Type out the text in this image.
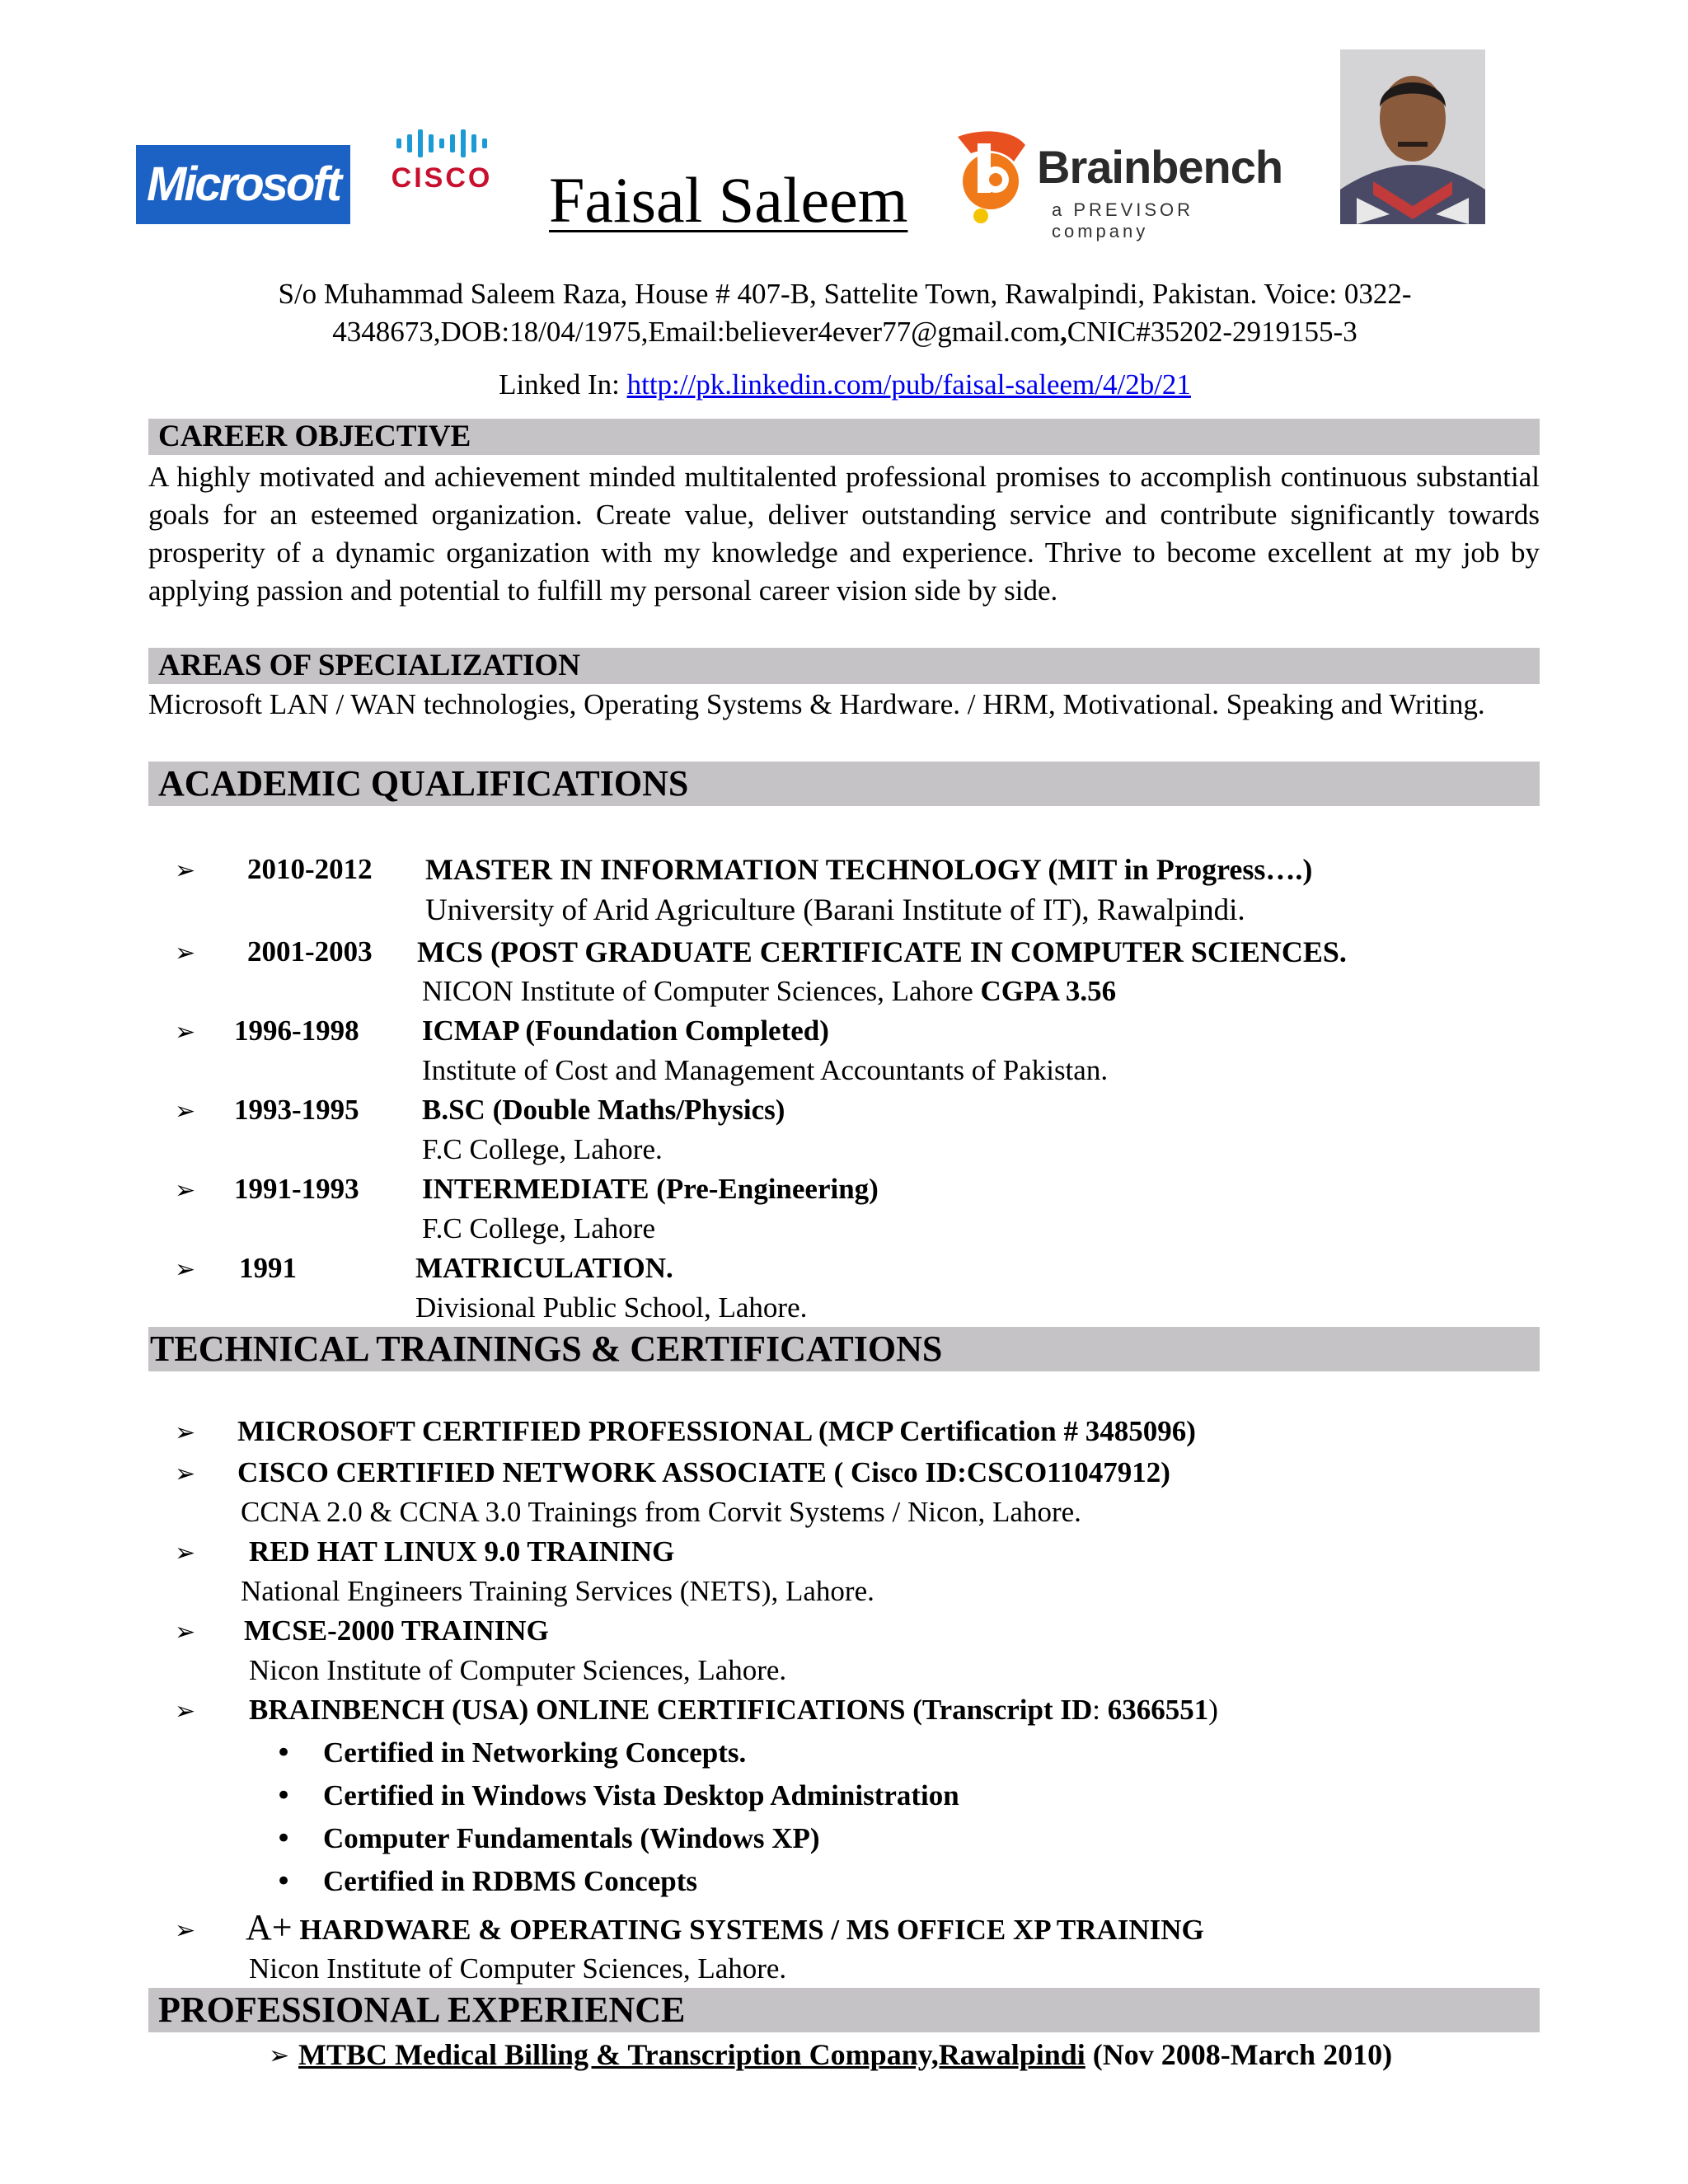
Microsoft	CISCO Faisal Saleem	Brainbench
a PREVISOR company
S/o Muhammad Saleem Raza, House # 407-B, Sattelite Town, Rawalpindi, Pakistan. Voice: 0322-
4348673,DOB:18/04/1975,Email:believer4ever77@gmail.com,CNIC#35202-2919155-3
Linked In: http://pk.linkedin.com/pub/faisal-saleem/4/2b/21
CAREER OBJECTIVE
A highly motivated and achievement minded multitalented professional promises to accomplish continuous substantial goals for an esteemed organization. Create value, deliver outstanding service and contribute significantly towards prosperity of a dynamic organization with my knowledge and experience. Thrive to become excellent at my job by applying passion and potential to fulfill my personal career vision side by side.
AREAS OF SPECIALIZATION
Microsoft LAN / WAN technologies, Operating Systems & Hardware. / HRM, Motivational. Speaking and Writing.
ACADEMIC QUALIFICATIONS
➢ 2010-2012 MASTER IN INFORMATION TECHNOLOGY (MIT in Progress….)
University of Arid Agriculture (Barani Institute of IT), Rawalpindi.
➢ 2001-2003 MCS (POST GRADUATE CERTIFICATE IN COMPUTER SCIENCES.
NICON Institute of Computer Sciences, Lahore CGPA 3.56
➢ 1996-1998 ICMAP (Foundation Completed)
Institute of Cost and Management Accountants of Pakistan.
➢ 1993-1995 B.SC (Double Maths/Physics)
F.C College, Lahore.
➢ 1991-1993 INTERMEDIATE (Pre-Engineering)
F.C College, Lahore
➢ 1991	MATRICULATION.
Divisional Public School, Lahore.
TECHNICAL TRAININGS & CERTIFICATIONS
➢ MICROSOFT CERTIFIED PROFESSIONAL (MCP Certification # 3485096)
➢ CISCO CERTIFIED NETWORK ASSOCIATE ( Cisco ID:CSCO11047912)
CCNA 2.0 & CCNA 3.0 Trainings from Corvit Systems / Nicon, Lahore.
➢ RED HAT LINUX 9.0 TRAINING
National Engineers Training Services (NETS), Lahore.
➢ MCSE-2000 TRAINING
Nicon Institute of Computer Sciences, Lahore.
➢ BRAINBENCH (USA) ONLINE CERTIFICATIONS (Transcript ID: 6366551)
• Certified in Networking Concepts.
• Certified in Windows Vista Desktop Administration
• Computer Fundamentals (Windows XP)
• Certified in RDBMS Concepts
➢ A+ HARDWARE & OPERATING SYSTEMS / MS OFFICE XP TRAINING
Nicon Institute of Computer Sciences, Lahore.
PROFESSIONAL EXPERIENCE
➢ MTBC Medical Billing & Transcription Company,Rawalpindi (Nov 2008-March 2010)
